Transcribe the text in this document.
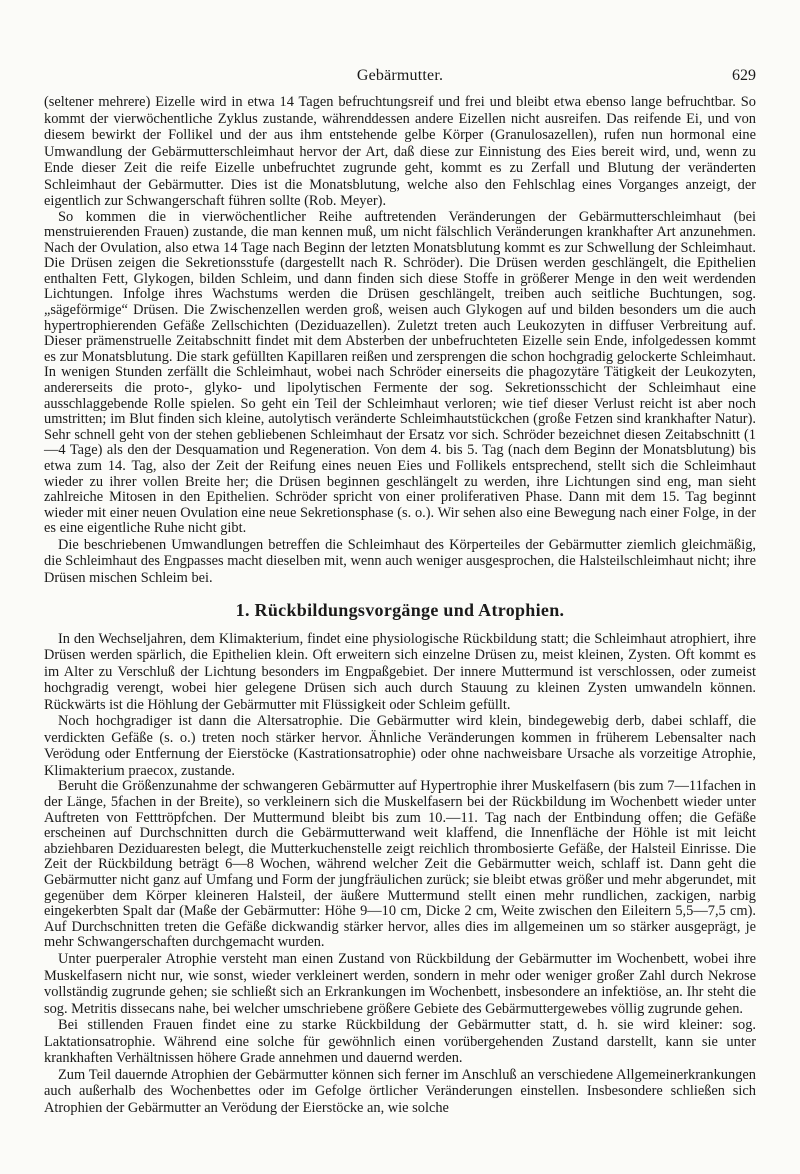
Gebärmutter.	629

(seltener mehrere) Eizelle wird in etwa 14 Tagen befruchtungsreif und frei und bleibt etwa ebenso lange befruchtbar. So kommt der vierwöchentliche Zyklus zustande, währenddessen andere Eizellen nicht ausreifen. Das reifende Ei, und von diesem bewirkt der Follikel und der aus ihm entstehende gelbe Körper (Granulosazellen), rufen nun hormonal eine Umwandlung der Gebärmutterschleimhaut hervor der Art, daß diese zur Einnistung des Eies bereit wird, und, wenn zu Ende dieser Zeit die reife Eizelle unbefruchtet zugrunde geht, kommt es zu Zerfall und Blutung der veränderten Schleimhaut der Gebärmutter. Dies ist die Monatsblutung, welche also den Fehlschlag eines Vorganges anzeigt, der eigentlich zur Schwangerschaft führen sollte (Rob. Meyer).

So kommen die in vierwöchentlicher Reihe auftretenden Veränderungen der Gebärmutterschleimhaut (bei menstruierenden Frauen) zustande, die man kennen muß, um nicht fälschlich Veränderungen krankhafter Art anzunehmen. Nach der Ovulation, also etwa 14 Tage nach Beginn der letzten Monatsblutung kommt es zur Schwellung der Schleimhaut. Die Drüsen zeigen die Sekretionsstufe (dargestellt nach R. Schröder). Die Drüsen werden geschlängelt, die Epithelien enthalten Fett, Glykogen, bilden Schleim, und dann finden sich diese Stoffe in größerer Menge in den weit werdenden Lichtungen. Infolge ihres Wachstums werden die Drüsen geschlängelt, treiben auch seitliche Buchtungen, sog. „sägeförmige“ Drüsen. Die Zwischenzellen werden groß, weisen auch Glykogen auf und bilden besonders um die auch hypertrophierenden Gefäße Zellschichten (Deziduazellen). Zuletzt treten auch Leukozyten in diffuser Verbreitung auf. Dieser prämenstruelle Zeitabschnitt findet mit dem Absterben der unbefruchteten Eizelle sein Ende, infolgedessen kommt es zur Monatsblutung. Die stark gefüllten Kapillaren reißen und zersprengen die schon hochgradig gelockerte Schleimhaut. In wenigen Stunden zerfällt die Schleimhaut, wobei nach Schröder einerseits die phagozytäre Tätigkeit der Leukozyten, andererseits die proto-, glyko- und lipolytischen Fermente der sog. Sekretionsschicht der Schleimhaut eine ausschlaggebende Rolle spielen. So geht ein Teil der Schleimhaut verloren; wie tief dieser Verlust reicht ist aber noch umstritten; im Blut finden sich kleine, autolytisch veränderte Schleimhautstückchen (große Fetzen sind krankhafter Natur). Sehr schnell geht von der stehen gebliebenen Schleimhaut der Ersatz vor sich. Schröder bezeichnet diesen Zeitabschnitt (1—4 Tage) als den der Desquamation und Regeneration. Von dem 4. bis 5. Tag (nach dem Beginn der Monatsblutung) bis etwa zum 14. Tag, also der Zeit der Reifung eines neuen Eies und Follikels entsprechend, stellt sich die Schleimhaut wieder zu ihrer vollen Breite her; die Drüsen beginnen geschlängelt zu werden, ihre Lichtungen sind eng, man sieht zahlreiche Mitosen in den Epithelien. Schröder spricht von einer proliferativen Phase. Dann mit dem 15. Tag beginnt wieder mit einer neuen Ovulation eine neue Sekretionsphase (s. o.). Wir sehen also eine Bewegung nach einer Folge, in der es eine eigentliche Ruhe nicht gibt.

Die beschriebenen Umwandlungen betreffen die Schleimhaut des Körperteiles der Gebärmutter ziemlich gleichmäßig, die Schleimhaut des Engpasses macht dieselben mit, wenn auch weniger ausgesprochen, die Halsteilschleimhaut nicht; ihre Drüsen mischen Schleim bei.

1. Rückbildungsvorgänge und Atrophien.

In den Wechseljahren, dem Klimakterium, findet eine physiologische Rückbildung statt; die Schleimhaut atrophiert, ihre Drüsen werden spärlich, die Epithelien klein. Oft erweitern sich einzelne Drüsen zu, meist kleinen, Zysten. Oft kommt es im Alter zu Verschluß der Lichtung besonders im Engpaßgebiet. Der innere Muttermund ist verschlossen, oder zumeist hochgradig verengt, wobei hier gelegene Drüsen sich auch durch Stauung zu kleinen Zysten umwandeln können. Rückwärts ist die Höhlung der Gebärmutter mit Flüssigkeit oder Schleim gefüllt.

Noch hochgradiger ist dann die Altersatrophie. Die Gebärmutter wird klein, bindegewebig derb, dabei schlaff, die verdickten Gefäße (s. o.) treten noch stärker hervor. Ähnliche Veränderungen kommen in früherem Lebensalter nach Verödung oder Entfernung der Eierstöcke (Kastrationsatrophie) oder ohne nachweisbare Ursache als vorzeitige Atrophie, Klimakterium praecox, zustande.

Beruht die Größenzunahme der schwangeren Gebärmutter auf Hypertrophie ihrer Muskelfasern (bis zum 7—11fachen in der Länge, 5fachen in der Breite), so verkleinern sich die Muskelfasern bei der Rückbildung im Wochenbett wieder unter Auftreten von Fetttröpfchen. Der Muttermund bleibt bis zum 10.—11. Tag nach der Entbindung offen; die Gefäße erscheinen auf Durchschnitten durch die Gebärmutterwand weit klaffend, die Innenfläche der Höhle ist mit leicht abziehbaren Deziduaresten belegt, die Mutterkuchenstelle zeigt reichlich thrombosierte Gefäße, der Halsteil Einrisse. Die Zeit der Rückbildung beträgt 6—8 Wochen, während welcher Zeit die Gebärmutter weich, schlaff ist. Dann geht die Gebärmutter nicht ganz auf Umfang und Form der jungfräulichen zurück; sie bleibt etwas größer und mehr abgerundet, mit gegenüber dem Körper kleineren Halsteil, der äußere Muttermund stellt einen mehr rundlichen, zackigen, narbig eingekerbten Spalt dar (Maße der Gebärmutter: Höhe 9—10 cm, Dicke 2 cm, Weite zwischen den Eileitern 5,5—7,5 cm). Auf Durchschnitten treten die Gefäße dickwandig stärker hervor, alles dies im allgemeinen um so stärker ausgeprägt, je mehr Schwangerschaften durchgemacht wurden.

Unter puerperaler Atrophie versteht man einen Zustand von Rückbildung der Gebärmutter im Wochenbett, wobei ihre Muskelfasern nicht nur, wie sonst, wieder verkleinert werden, sondern in mehr oder weniger großer Zahl durch Nekrose vollständig zugrunde gehen; sie schließt sich an Erkrankungen im Wochenbett, insbesondere an infektiöse, an. Ihr steht die sog. Metritis dissecans nahe, bei welcher umschriebene größere Gebiete des Gebärmuttergewebes völlig zugrunde gehen.

Bei stillenden Frauen findet eine zu starke Rückbildung der Gebärmutter statt, d. h. sie wird kleiner: sog. Laktationsatrophie. Während eine solche für gewöhnlich einen vorübergehenden Zustand darstellt, kann sie unter krankhaften Verhältnissen höhere Grade annehmen und dauernd werden.

Zum Teil dauernde Atrophien der Gebärmutter können sich ferner im Anschluß an verschiedene Allgemeinerkrankungen auch außerhalb des Wochenbettes oder im Gefolge örtlicher Veränderungen einstellen. Insbesondere schließen sich Atrophien der Gebärmutter an Verödung der Eierstöcke an, wie solche
